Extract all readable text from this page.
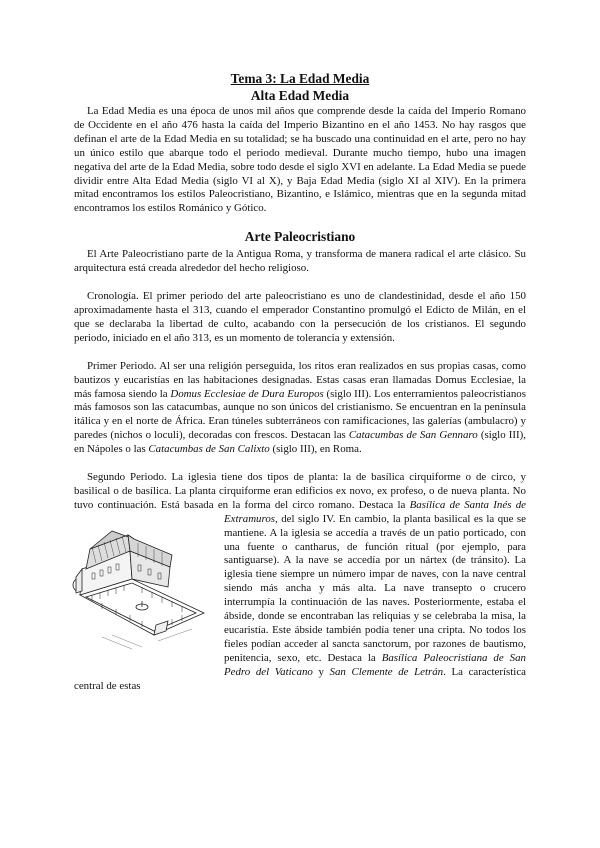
Tema 3: La Edad Media
Alta Edad Media

La Edad Media es una época de unos mil años que comprende desde la caída del Imperio Romano de Occidente en el año 476 hasta la caída del Imperio Bizantino en el año 1453. No hay rasgos que definan el arte de la Edad Media en su totalidad; se ha buscado una continuidad en el arte, pero no hay un único estilo que abarque todo el periodo medieval. Durante mucho tiempo, hubo una imagen negativa del arte de la Edad Media, sobre todo desde el siglo XVI en adelante. La Edad Media se puede dividir entre Alta Edad Media (siglo VI al X), y Baja Edad Media (siglo XI al XIV). En la primera mitad encontramos los estilos Paleocristiano, Bizantino, e Islámico, mientras que en la segunda mitad encontramos los estilos Románico y Gótico.

Arte Paleocristiano

El Arte Paleocristiano parte de la Antigua Roma, y transforma de manera radical el arte clásico. Su arquitectura está creada alrededor del hecho religioso.

Cronología. El primer periodo del arte paleocristiano es uno de clandestinidad, desde el año 150 aproximadamente hasta el 313, cuando el emperador Constantino promulgó el Edicto de Milán, en el que se declaraba la libertad de culto, acabando con la persecución de los cristianos. El segundo periodo, iniciado en el año 313, es un momento de tolerancia y extensión.

Primer Periodo. Al ser una religión perseguida, los ritos eran realizados en sus propias casas, como bautizos y eucaristías en las habitaciones designadas. Estas casas eran llamadas Domus Ecclesiae, la más famosa siendo la Domus Ecclesiae de Dura Europos (siglo III). Los enterramientos paleocristianos más famosos son las catacumbas, aunque no son únicos del cristianismo. Se encuentran en la península itálica y en el norte de África. Eran túneles subterráneos con ramificaciones, las galerías (ambulacro) y paredes (nichos o loculi), decoradas con frescos. Destacan las Catacumbas de San Gennaro (siglo III), en Nápoles o las Catacumbas de San Calixto (siglo III), en Roma.

Segundo Periodo. La iglesia tiene dos tipos de planta: la de basílica cirquiforme o de circo, y basilical o de basílica. La planta cirquiforme eran edificios ex novo, ex profeso, o de nueva planta. No tuvo continuación. Está basada en la forma del circo romano. Destaca la Basílica de Santa Inés de Extramuros
, del siglo IV. En cambio, la planta basilical es la que se mantiene. A la iglesia se accedía a través de un patio porticado, con una fuente o cantharus, de función ritual (por ejemplo, para santiguarse). A la nave se accedía por un nártex (de tránsito). La iglesia tiene siempre un número impar de naves, con la nave central siendo más ancha y más alta. La nave transepto o crucero interrumpía la continuación de las naves. Posteriormente, estaba el ábside, donde se encontraban las reliquias y se celebraba la misa, la eucaristía. Este ábside también podía tener una cripta. No todos los fieles podían acceder al sancta sanctorum, por razones de bautismo, penitencia, sexo, etc. Destaca la Basílica Paleocristiana de San Pedro del Vaticano y San Clemente de Letrán. La característica central de estas
